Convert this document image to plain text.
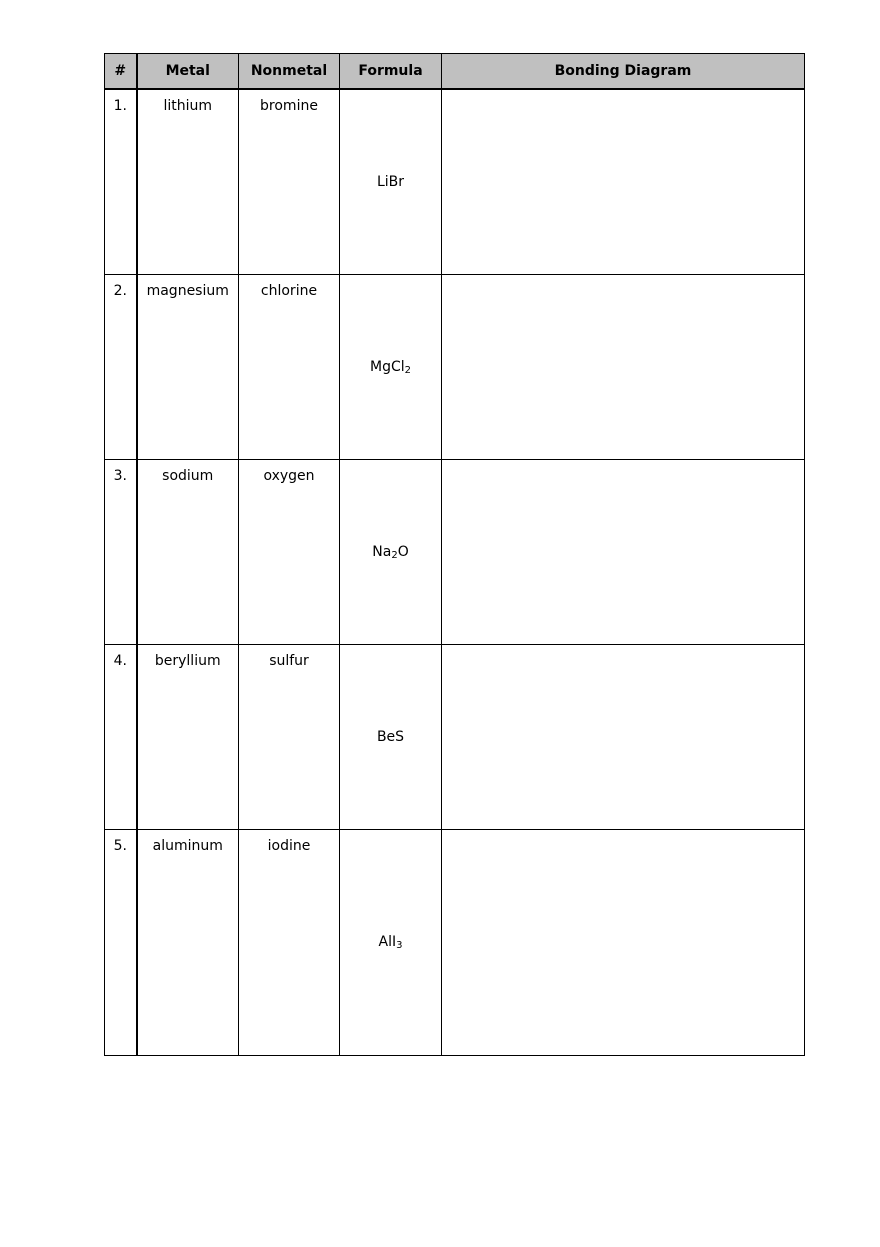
#	Metal	Nonmetal	Formula	Bonding Diagram
1.	lithium	bromine	LiBr	
2.	magnesium	chlorine	MgCl$_2$	
3.	sodium	oxygen	$Na_2O$	
4.	beryllium	sulfur	BeS	
5.	aluminum	iodine	AlI$_3$	
